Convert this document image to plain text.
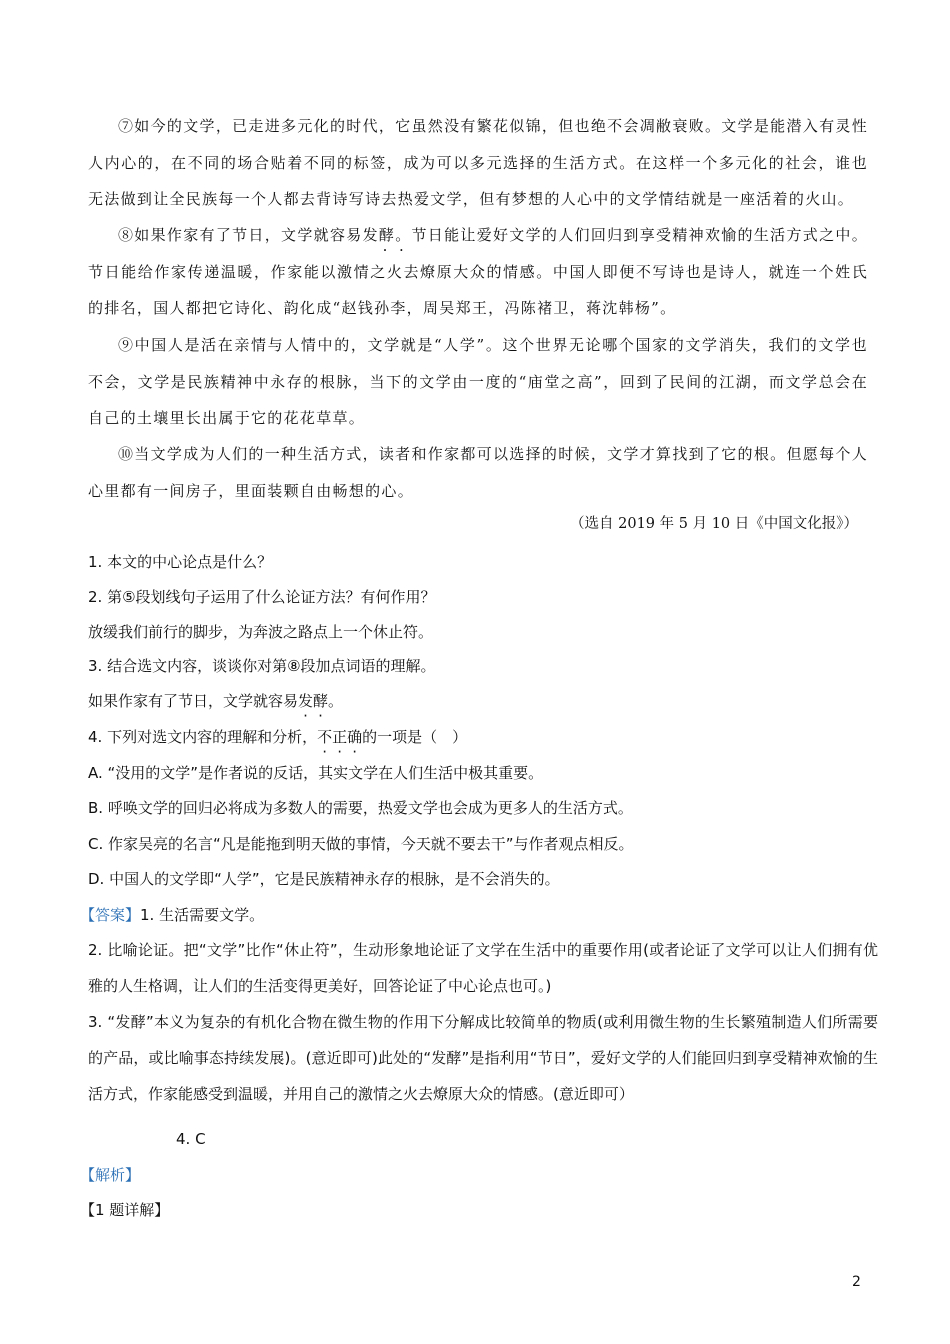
⑦如今的文学，已走进多元化的时代，它虽然没有繁花似锦，但也绝不会凋敝衰败。文学是能潜入有灵性人内心的，在不同的场合贴着不同的标签，成为可以多元选择的生活方式。在这样一个多元化的社会，谁也无法做到让全民族每一个人都去背诗写诗去热爱文学，但有梦想的人心中的文学情结就是一座活着的火山。

⑧如果作家有了节日，文学就容易发酵。节日能让爱好文学的人们回归到享受精神欢愉的生活方式之中。节日能给作家传递温暖，作家能以激情之火去燎原大众的情感。中国人即便不写诗也是诗人，就连一个姓氏的排名，国人都把它诗化、韵化成“赵钱孙李，周吴郑王，冯陈褚卫，蒋沈韩杨”。

⑨中国人是活在亲情与人情中的，文学就是“人学”。这个世界无论哪个国家的文学消失，我们的文学也不会，文学是民族精神中永存的根脉，当下的文学由一度的“庙堂之高”，回到了民间的江湖，而文学总会在自己的土壤里长出属于它的花花草草。

⑩当文学成为人们的一种生活方式，读者和作家都可以选择的时候，文学才算找到了它的根。但愿每个人心里都有一间房子，里面装颗自由畅想的心。

（选自 2019 年 5 月 10 日《中国文化报》）

1. 本文的中心论点是什么？

2. 第⑤段划线句子运用了什么论证方法？有何作用？

放缓我们前行的脚步，为奔波之路点上一个休止符。

3. 结合选文内容，谈谈你对第⑧段加点词语的理解。

如果作家有了节日，文学就容易发酵。

4. 下列对选文内容的理解和分析，不正确的一项是（　）

A. “没用的文学”是作者说的反话，其实文学在人们生活中极其重要。

B. 呼唤文学的回归必将成为多数人的需要，热爱文学也会成为更多人的生活方式。

C. 作家吴亮的名言“凡是能拖到明天做的事情，今天就不要去干”与作者观点相反。

D. 中国人的文学即“人学”，它是民族精神永存的根脉，是不会消失的。

【答案】1. 生活需要文学。

2. 比喻论证。把“文学”比作“休止符”，生动形象地论证了文学在生活中的重要作用(或者论证了文学可以让人们拥有优雅的人生格调，让人们的生活变得更美好，回答论证了中心论点也可。)

3. “发酵”本义为复杂的有机化合物在微生物的作用下分解成比较简单的物质(或利用微生物的生长繁殖制造人们所需要的产品，或比喻事态持续发展)。(意近即可)此处的“发酵”是指利用“节日”，爱好文学的人们能回归到享受精神欢愉的生活方式，作家能感受到温暖，并用自己的激情之火去燎原大众的情感。(意近即可）

4. C

【解析】

【1 题详解】

2
